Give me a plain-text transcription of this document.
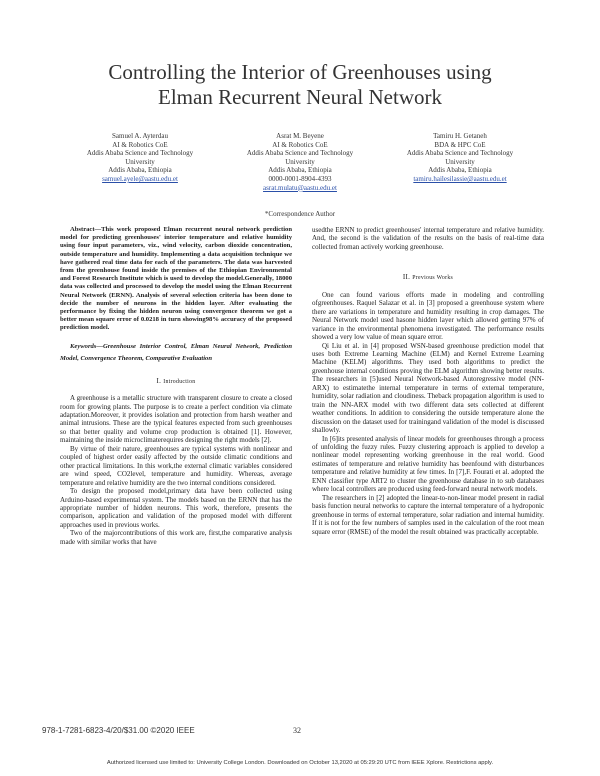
Controlling the Interior of Greenhouses using
Elman Recurrent Neural Network
Samuel A. Ayterdau
AI & Robotics CoE
Addis Ababa Science and Technology
University
Addis Ababa, Ethiopia
samuel.ayele@aastu.edu.et
Asrat M. Beyene
AI & Robotics CoE
Addis Ababa Science and Technology
University
Addis Ababa, Ethiopia
0000-0001-8904-4393
asrat.mulatu@aastu.edu.et
Tamiru H. Getaneh
BDA & HPC CoE
Addis Ababa Science and Technology
University
Addis Ababa, Ethiopia
tamiru.hailesilassie@aastu.edu.et
*Correspondence Author

Abstract—This work proposed Elman recurrent neural network prediction model for predicting greenhouses' interior temperature and relative humidity using four input parameters, viz., wind velocity, carbon dioxide concentration, outside temperature and humidity. Implementing a data acquisition technique we have gathered real time data for each of the parameters. The data was harvested from the greenhouse found inside the premises of the Ethiopian Environmental and Forest Research Institute which is used to develop the model.Generally, 18000 data was collected and processed to develop the model using the Elman Recurrent Neural Network (ERNN). Analysis of several selection criteria has been done to decide the number of neurons in the hidden layer. After evaluating the performance by fixing the hidden neuron using convergence theorem we got a better mean square error of 0.0218 in turn showing98% accuracy of the proposed prediction model.

Keywords—Greenhouse Interior Control, Elman Neural Network, Prediction Model, Convergence Theorem, Comparative Evaluation
I. Introduction

A greenhouse is a metallic structure with transparent closure to create a closed room for growing plants. The purpose is to create a perfect condition via climate adaptation.Moreover, it provides isolation and protection from harsh weather and animal intrusions. These are the typical features expected from such greenhouses so that better quality and volume crop production is obtained [1]. However, maintaining the inside microclimaterequires designing the right models [2].

By virtue of their nature, greenhouses are typical systems with nonlinear and coupled of highest order easily affected by the outside climatic conditions and other practical limitations. In this work,the external climatic variables considered are wind speed, CO2level, temperature and humidity. Whereas, average temperature and relative humidity are the two internal conditions considered.

To design the proposed model,primary data have been collected using Arduino-based experimental system. The models based on the ERNN that has the appropriate number of hidden neurons. This work, therefore, presents the comparison, application and validation of the proposed model with different approaches used in previous works.

Two of the majorcontributions of this work are, first,the comparative analysis made with similar works that have

usedthe ERNN to predict greenhouses' internal temperature and relative humidity. And, the second is the validation of the results on the basis of real-time data collected froman actively working greenhouse.

II. Previous Works

One can found various efforts made in modeling and controlling ofgreenhouses. Raquel Salazar et al. in [3] proposed a greenhouse system where there are variations in temperature and humidity resulting in crop damages. The Neural Network model used hasone hidden layer which allowed getting 97% of variance in the environmental phenomena investigated. The performance results showed a very low value of mean square error.

Qi Liu et al. in [4] proposed WSN-based greenhouse prediction model that uses both Extreme Learning Machine (ELM) and Kernel Extreme Learning Machine (KELM) algorithms. They used both algorithms to predict the greenhouse internal conditions proving the ELM algorithm showing better results. The researchers in [5]used Neural Network-based Autoregressive model (NN-ARX) to estimatethe internal temperature in terms of external temperature, humidity, solar radiation and cloudiness. Theback propagation algorithm is used to train the NN-ARX model with two different data sets collected at different weather conditions. In addition to considering the outside temperature alone the discussion on the dataset used for trainingand validation of the model is discussed shallowly.

In [6]its presented analysis of linear models for greenhouses through a process of unfolding the fuzzy rules. Fuzzy clustering approach is applied to develop a nonlinear model representing working greenhouse in the real world. Good estimates of temperature and relative humidity has beenfound with disturbances temperature and relative humidity at few times. In [7],F. Fourati et al. adopted the ENN classifier type ART2 to cluster the greenhouse database in to sub databases where local controllers are produced using feed-forward neural network models.

The researchers in [2] adopted the linear-to-non-linear model present in radial basis function neural networks to capture the internal temperature of a hydroponic greenhouse in terms of external temperature, solar radiation and internal humidity. If it is not for the few numbers of samples used in the calculation of the root mean square error (RMSE) of the model the result obtained was practically acceptable.

978-1-7281-6823-4/20/$31.00 ©2020 IEEE	32
Authorized licensed use limited to: University College London. Downloaded on October 13,2020 at 05:29:20 UTC from IEEE Xplore. Restrictions apply.
